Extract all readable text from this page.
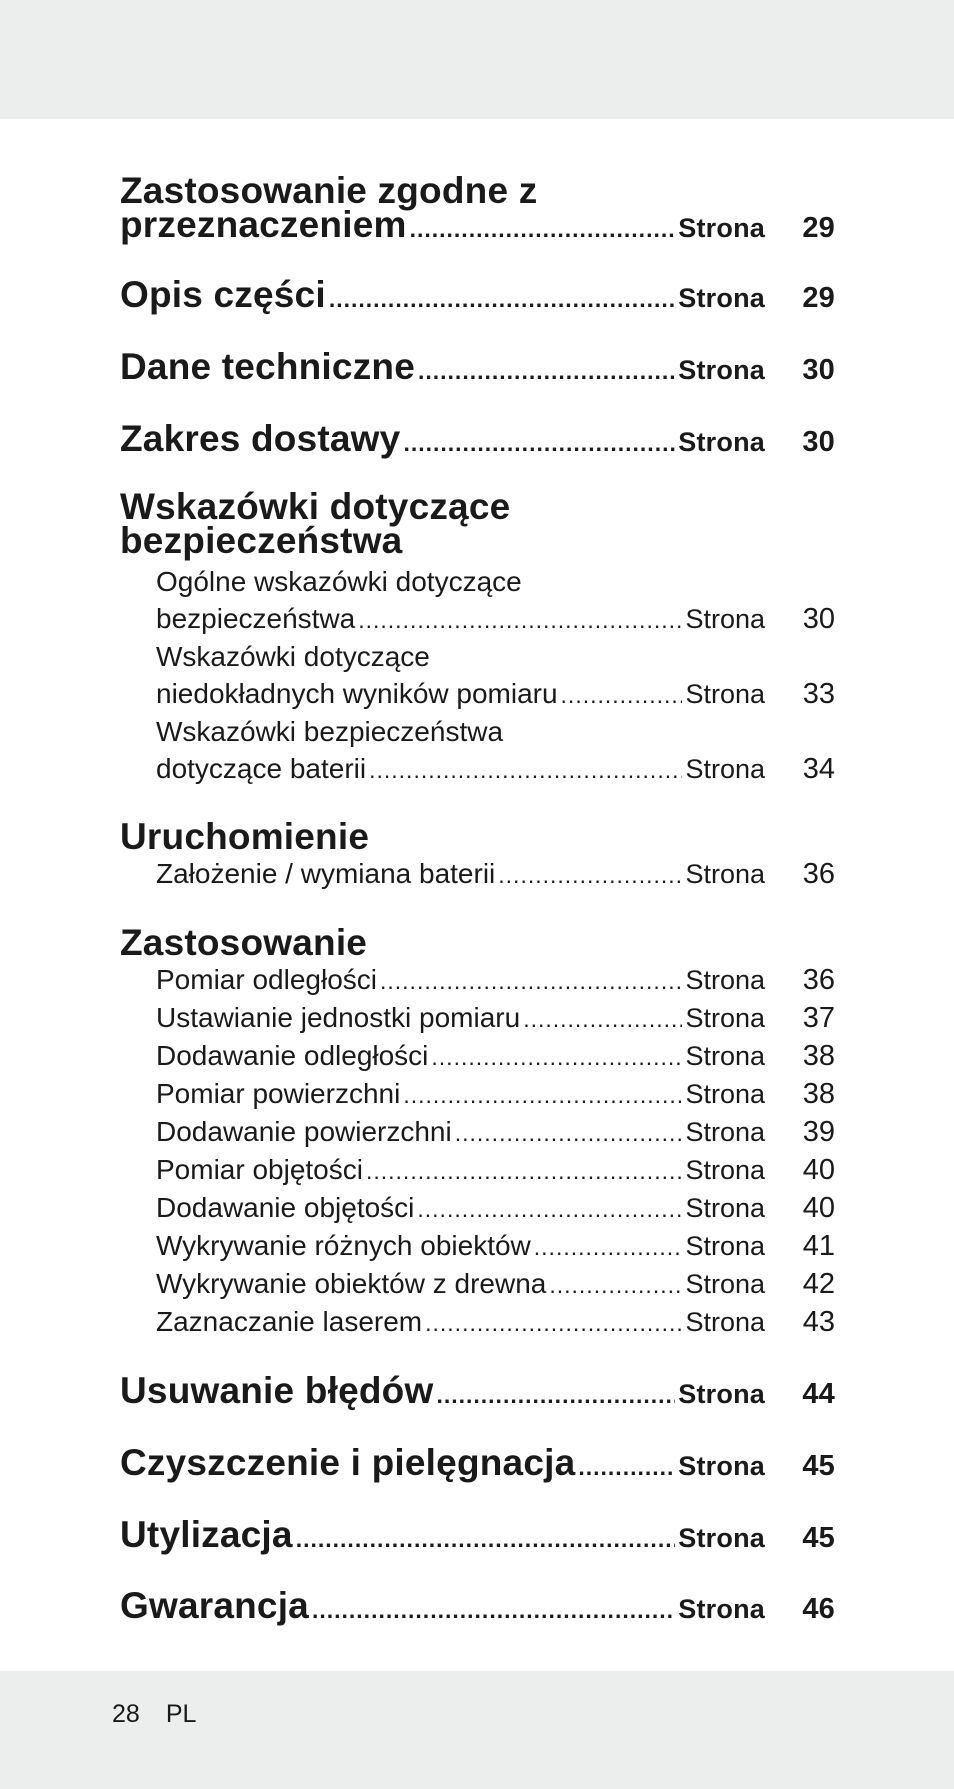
Zastosowanie zgodne z
przeznaczeniem .....	Strona	29
Opis części .....	Strona	29
Dane techniczne .....	Strona	30
Zakres dostawy .....	Strona	30
Wskazówki dotyczące
bezpieczeństwa
Ogólne wskazówki dotyczące
bezpieczeństwa .....	Strona	30
Wskazówki dotyczące
niedokładnych wyników pomiaru .....	Strona	33
Wskazówki bezpieczeństwa
dotyczące baterii .....	Strona	34
Uruchomienie
Założenie / wymiana baterii .....	Strona	36
Zastosowanie
Pomiar odległości .....	Strona	36
Ustawianie jednostki pomiaru .....	Strona	37
Dodawanie odległości .....	Strona	38
Pomiar powierzchni .....	Strona	38
Dodawanie powierzchni .....	Strona	39
Pomiar objętości .....	Strona	40
Dodawanie objętości .....	Strona	40
Wykrywanie różnych obiektów .....	Strona	41
Wykrywanie obiektów z drewna .....	Strona	42
Zaznaczanie laserem .....	Strona	43
Usuwanie błędów .....	Strona	44
Czyszczenie i pielęgnacja .....	Strona	45
Utylizacja .....	Strona	45
Gwarancja .....	Strona	46
28 PL
